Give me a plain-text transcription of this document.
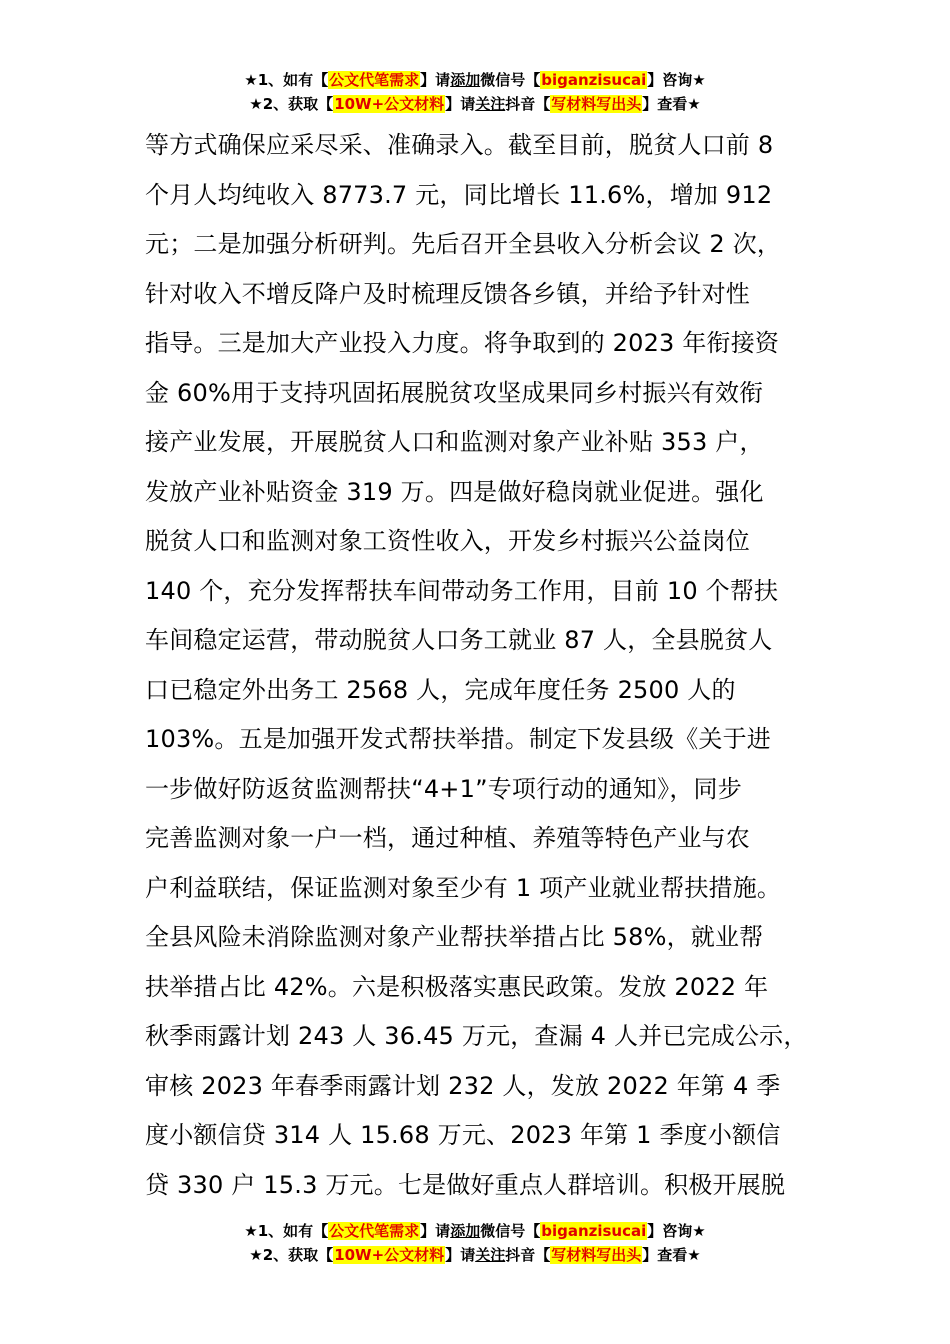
★1、如有【公文代笔需求】请添加微信号【biganzisucai】咨询★
★2、获取【10W+公文材料】请关注抖音【写材料写出头】查看★
等方式确保应采尽采、准确录入。截至目前，脱贫人口前 8
个月人均纯收入 8773.7 元，同比增长 11.6%，增加 912
元；二是加强分析研判。先后召开全县收入分析会议 2 次，
针对收入不增反降户及时梳理反馈各乡镇，并给予针对性
指导。三是加大产业投入力度。将争取到的 2023 年衔接资
金 60%用于支持巩固拓展脱贫攻坚成果同乡村振兴有效衔
接产业发展，开展脱贫人口和监测对象产业补贴 353 户，
发放产业补贴资金 319 万。四是做好稳岗就业促进。强化
脱贫人口和监测对象工资性收入，开发乡村振兴公益岗位
140 个，充分发挥帮扶车间带动务工作用，目前 10 个帮扶
车间稳定运营，带动脱贫人口务工就业 87 人，全县脱贫人
口已稳定外出务工 2568 人，完成年度任务 2500 人的
103%。五是加强开发式帮扶举措。制定下发县级《关于进
一步做好防返贫监测帮扶“4+1”专项行动的通知》，同步
完善监测对象一户一档，通过种植、养殖等特色产业与农
户利益联结，保证监测对象至少有 1 项产业就业帮扶措施。
全县风险未消除监测对象产业帮扶举措占比 58%，就业帮
扶举措占比 42%。六是积极落实惠民政策。发放 2022 年
秋季雨露计划 243 人 36.45 万元，查漏 4 人并已完成公示，
审核 2023 年春季雨露计划 232 人，发放 2022 年第 4 季
度小额信贷 314 人 15.68 万元、2023 年第 1 季度小额信
贷 330 户 15.3 万元。七是做好重点人群培训。积极开展脱
★1、如有【公文代笔需求】请添加微信号【biganzisucai】咨询★
★2、获取【10W+公文材料】请关注抖音【写材料写出头】查看★
